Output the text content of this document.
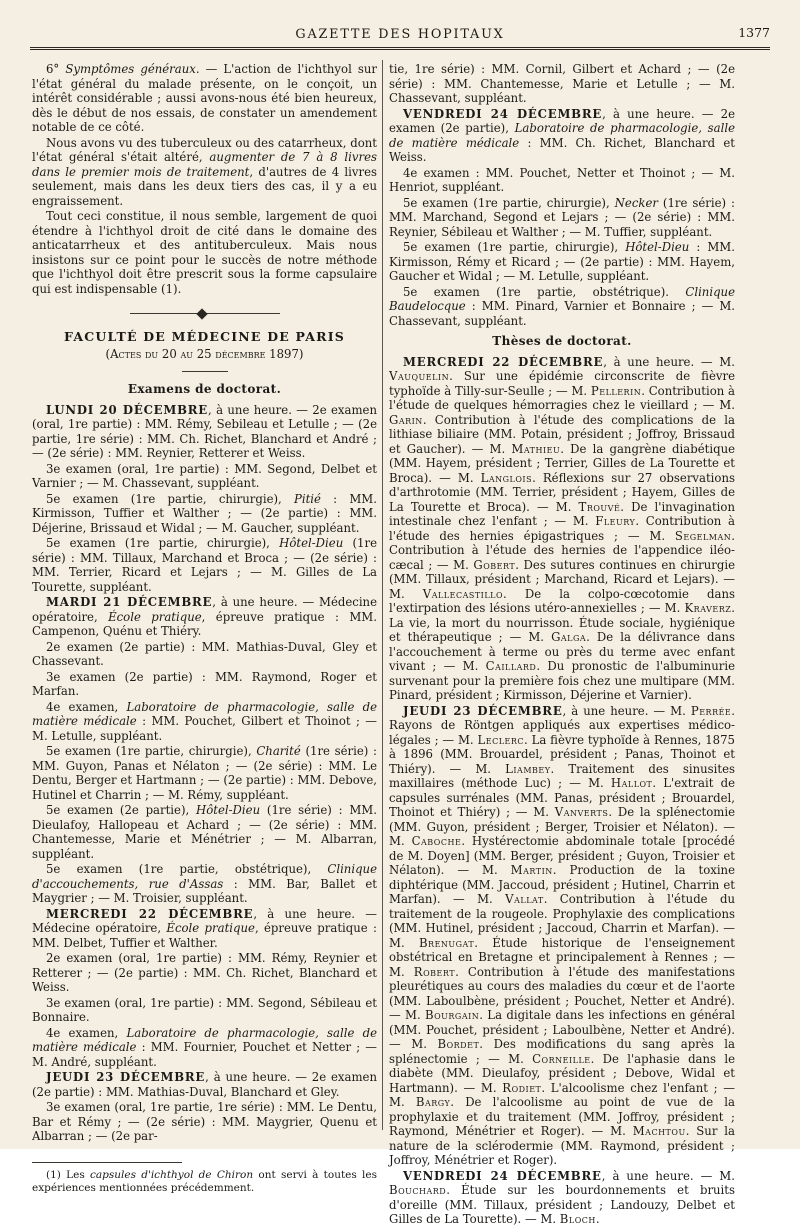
GAZETTE DES HOPITAUX	1377

6° Symptômes généraux. — L'action de l'ichthyol sur l'état général du malade présente, on le conçoit, un intérêt considérable ; aussi avons-nous été bien heureux, dès le début de nos essais, de constater un amendement notable de ce côté.

Nous avons vu des tuberculeux ou des catarrheux, dont l'état général s'était altéré, augmenter de 7 à 8 livres dans le premier mois de traitement, d'autres de 4 livres seulement, mais dans les deux tiers des cas, il y a eu engraissement.

Tout ceci constitue, il nous semble, largement de quoi étendre à l'ichthyol droit de cité dans le domaine des anticatarrheux et des antituberculeux. Mais nous insistons sur ce point pour le succès de notre méthode que l'ichthyol doit être prescrit sous la forme capsulaire qui est indispensable (1).

FACULTÉ DE MÉDECINE DE PARIS
(Actes du 20 au 25 décembre 1897)
Examens de doctorat.

LUNDI 20 DÉCEMBRE, à une heure. — 2e examen (oral, 1re partie) : MM. Rémy, Sebileau et Letulle ; — (2e partie, 1re série) : MM. Ch. Richet, Blanchard et André ; — (2e série) : MM. Reynier, Retterer et Weiss.

3e examen (oral, 1re partie) : MM. Segond, Delbet et Varnier ; — M. Chassevant, suppléant.

5e examen (1re partie, chirurgie), Pitié : MM. Kirmisson, Tuffier et Walther ; — (2e partie) : MM. Déjerine, Brissaud et Widal ; — M. Gaucher, suppléant.

5e examen (1re partie, chirurgie), Hôtel-Dieu (1re série) : MM. Tillaux, Marchand et Broca ; — (2e série) : MM. Terrier, Ricard et Lejars ; — M. Gilles de La Tourette, suppléant.

MARDI 21 DÉCEMBRE, à une heure. — Médecine opératoire, École pratique, épreuve pratique : MM. Campenon, Quénu et Thiéry.

2e examen (2e partie) : MM. Mathias-Duval, Gley et Chassevant.

3e examen (2e partie) : MM. Raymond, Roger et Marfan.

4e examen, Laboratoire de pharmacologie, salle de matière médicale : MM. Pouchet, Gilbert et Thoinot ; — M. Letulle, suppléant.

5e examen (1re partie, chirurgie), Charité (1re série) : MM. Guyon, Panas et Nélaton ; — (2e série) : MM. Le Dentu, Berger et Hartmann ; — (2e partie) : MM. Debove, Hutinel et Charrin ; — M. Rémy, suppléant.

5e examen (2e partie), Hôtel-Dieu (1re série) : MM. Dieulafoy, Hallopeau et Achard ; — (2e série) : MM. Chantemesse, Marie et Ménétrier ; — M. Albarran, suppléant.

5e examen (1re partie, obstétrique), Clinique d'accouchements, rue d'Assas : MM. Bar, Ballet et Maygrier ; — M. Troisier, suppléant.

MERCREDI 22 DÉCEMBRE, à une heure. — Médecine opératoire, École pratique, épreuve pratique : MM. Delbet, Tuffier et Walther.

2e examen (oral, 1re partie) : MM. Rémy, Reynier et Retterer ; — (2e partie) : MM. Ch. Richet, Blanchard et Weiss.

3e examen (oral, 1re partie) : MM. Segond, Sébileau et Bonnaire.

4e examen, Laboratoire de pharmacologie, salle de matière médicale : MM. Fournier, Pouchet et Netter ; — M. André, suppléant.

JEUDI 23 DÉCEMBRE, à une heure. — 2e examen (2e partie) : MM. Mathias-Duval, Blanchard et Gley.

3e examen (oral, 1re partie, 1re série) : MM. Le Dentu, Bar et Rémy ; — (2e série) : MM. Maygrier, Quenu et Albarran ; — (2e par-

(1) Les capsules d'ichthyol de Chiron ont servi à toutes les expériences mentionnées précédemment.

tie, 1re série) : MM. Cornil, Gilbert et Achard ; — (2e série) : MM. Chantemesse, Marie et Letulle ; — M. Chassevant, suppléant.

VENDREDI 24 DÉCEMBRE, à une heure. — 2e examen (2e partie), Laboratoire de pharmacologie, salle de matière médicale : MM. Ch. Richet, Blanchard et Weiss.

4e examen : MM. Pouchet, Netter et Thoinot ; — M. Henriot, suppléant.

5e examen (1re partie, chirurgie), Necker (1re série) : MM. Marchand, Segond et Lejars ; — (2e série) : MM. Reynier, Sébileau et Walther ; — M. Tuffier, suppléant.

5e examen (1re partie, chirurgie), Hôtel-Dieu : MM. Kirmisson, Rémy et Ricard ; — (2e partie) : MM. Hayem, Gaucher et Widal ; — M. Letulle, suppléant.

5e examen (1re partie, obstétrique). Clinique Baudelocque : MM. Pinard, Varnier et Bonnaire ; — M. Chassevant, suppléant.

Thèses de doctorat.

MERCREDI 22 DÉCEMBRE, à une heure. — M. Vauquelin. Sur une épidémie circonscrite de fièvre typhoïde à Tilly-sur-Seulle ; — M. Pellerin. Contribution à l'étude de quelques hémorragies chez le vieillard ; — M. Garin. Contribution à l'étude des complications de la lithiase biliaire (MM. Potain, président ; Joffroy, Brissaud et Gaucher). — M. Mathieu. De la gangrène diabétique (MM. Hayem, président ; Terrier, Gilles de La Tourette et Broca). — M. Langlois. Réflexions sur 27 observations d'arthrotomie (MM. Terrier, président ; Hayem, Gilles de La Tourette et Broca). — M. Trouvé. De l'invagination intestinale chez l'enfant ; — M. Fleury. Contribution à l'étude des hernies épigastriques ; — M. Segelman. Contribution à l'étude des hernies de l'appendice iléo-cæcal ; — M. Gobert. Des sutures continues en chirurgie (MM. Tillaux, président ; Marchand, Ricard et Lejars). — M. Vallecastillo. De la colpo-cœcotomie dans l'extirpation des lésions utéro-annexielles ; — M. Kraverz. La vie, la mort du nourrisson. Étude sociale, hygiénique et thérapeutique ; — M. Galga. De la délivrance dans l'accouchement à terme ou près du terme avec enfant vivant ; — M. Caillard. Du pronostic de l'albuminurie survenant pour la première fois chez une multipare (MM. Pinard, président ; Kirmisson, Déjerine et Varnier).

JEUDI 23 DÉCEMBRE, à une heure. — M. Perrée. Rayons de Röntgen appliqués aux expertises médico-légales ; — M. Leclerc. La fièvre typhoïde à Rennes, 1875 à 1896 (MM. Brouardel, président ; Panas, Thoinot et Thiéry). — M. Liambey. Traitement des sinusites maxillaires (méthode Luc) ; — M. Hallot. L'extrait de capsules surrénales (MM. Panas, président ; Brouardel, Thoinot et Thiéry) ; — M. Vanverts. De la splénectomie (MM. Guyon, président ; Berger, Troisier et Nélaton). — M. Caboche. Hystérectomie abdominale totale [procédé de M. Doyen] (MM. Berger, président ; Guyon, Troisier et Nélaton). — M. Martin. Production de la toxine diphtérique (MM. Jaccoud, président ; Hutinel, Charrin et Marfan). — M. Vallat. Contribution à l'étude du traitement de la rougeole. Prophylaxie des complications (MM. Hutinel, président ; Jaccoud, Charrin et Marfan). — M. Brenugat. Étude historique de l'enseignement obstétrical en Bretagne et principalement à Rennes ; — M. Robert. Contribution à l'étude des manifestations pleurétiques au cours des maladies du cœur et de l'aorte (MM. Laboulbène, président ; Pouchet, Netter et André). — M. Bourgain. La digitale dans les infections en général (MM. Pouchet, président ; Laboulbène, Netter et André). — M. Bordet. Des modifications du sang après la splénectomie ; — M. Corneille. De l'aphasie dans le diabète (MM. Dieulafoy, président ; Debove, Widal et Hartmann). — M. Rodiet. L'alcoolisme chez l'enfant ; — M. Bargy. De l'alcoolisme au point de vue de la prophylaxie et du traitement (MM. Joffroy, président ; Raymond, Ménétrier et Roger). — M. Machtou. Sur la nature de la sclérodermie (MM. Raymond, président ; Joffroy, Ménétrier et Roger).

VENDREDI 24 DÉCEMBRE, à une heure. — M. Bouchard. Étude sur les bourdonnements et bruits d'oreille (MM. Tillaux, président ; Landouzy, Delbet et Gilles de La Tourette). — M. Bloch.
